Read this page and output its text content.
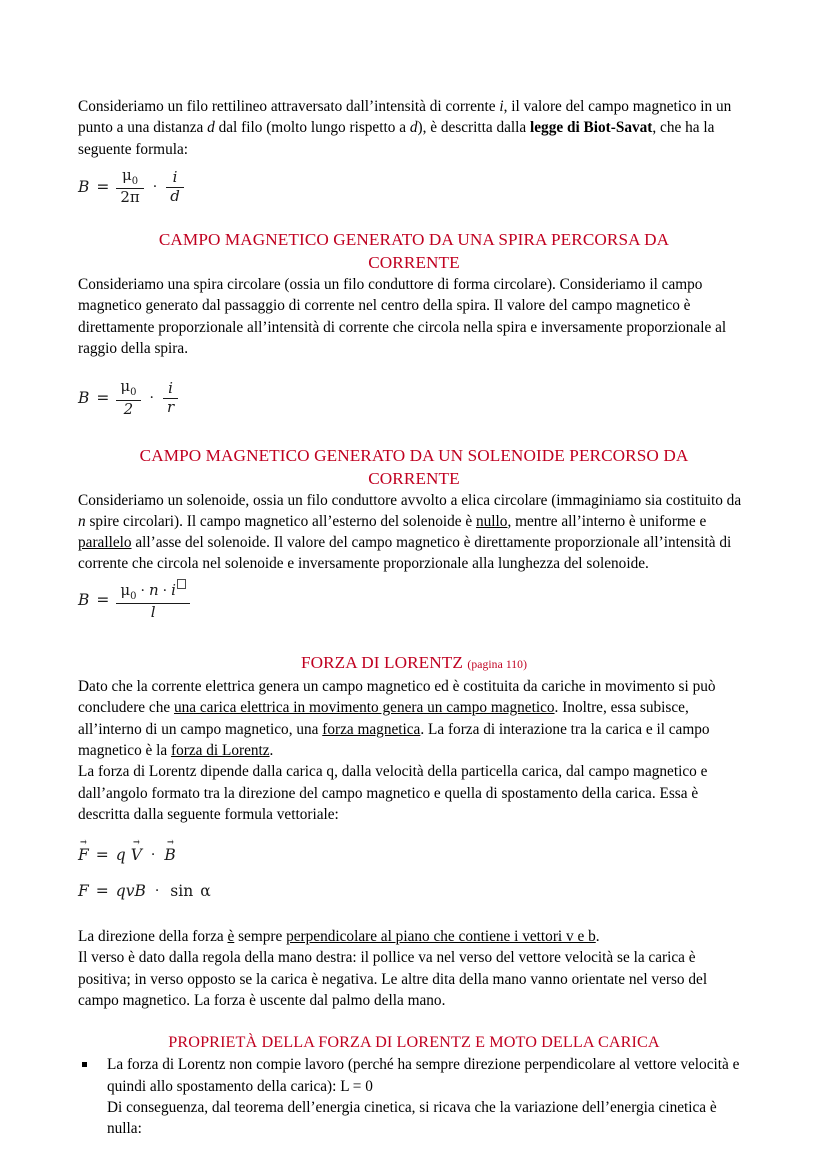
Consideriamo un filo rettilineo attraversato dall’intensità di corrente i, il valore del campo magnetico in un punto a una distanza d dal filo (molto lungo rispetto a d), è descritta dalla legge di Biot-Savat, che ha la seguente formula:

$B = \frac{\mu_0}{2\pi} \cdot \frac{i}{d}$
CAMPO MAGNETICO GENERATO DA UNA SPIRA PERCORSA DA
CORRENTE

Consideriamo una spira circolare (ossia un filo conduttore di forma circolare). Consideriamo il campo magnetico generato dal passaggio di corrente nel centro della spira. Il valore del campo magnetico è direttamente proporzionale all’intensità di corrente che circola nella spira e inversamente proporzionale al raggio della spira.

$B = \frac{\mu_0}{2} \cdot \frac{i}{r}$
CAMPO MAGNETICO GENERATO DA UN SOLENOIDE PERCORSO DA
CORRENTE

Consideriamo un solenoide, ossia un filo conduttore avvolto a elica circolare (immaginiamo sia costituito da n spire circolari). Il campo magnetico all’esterno del solenoide è nullo, mentre all’interno è uniforme e parallelo all’asse del solenoide. Il valore del campo magnetico è direttamente proporzionale all’intensità di corrente che circola nel solenoide e inversamente proporzionale alla lunghezza del solenoide.

$B = \frac{\mu_0 \cdot n \cdot i}{l}$
FORZA DI LORENTZ (pagina 110)

Dato che la corrente elettrica genera un campo magnetico ed è costituita da cariche in movimento si può concludere che una carica elettrica in movimento genera un campo magnetico. Inoltre, essa subisce, all’interno di un campo magnetico, una forza magnetica. La forza di interazione tra la carica e il campo magnetico è la forza di Lorentz.

La forza di Lorentz dipende dalla carica q, dalla velocità della particella carica, dal campo magnetico e dall’angolo formato tra la direzione del campo magnetico e quella di spostamento della carica. Essa è descritta dalla seguente formula vettoriale:

F → = q V → · B →
F = qvB · sin α

La direzione della forza è sempre perpendicolare al piano che contiene i vettori v e b.

Il verso è dato dalla regola della mano destra: il pollice va nel verso del vettore velocità se la carica è positiva; in verso opposto se la carica è negativa. Le altre dita della mano vanno orientate nel verso del campo magnetico. La forza è uscente dal palmo della mano.

PROPRIETÀ DELLA FORZA DI LORENTZ E MOTO DELLA CARICA
La forza di Lorentz non compie lavoro (perché ha sempre direzione perpendicolare al vettore velocità e quindi allo spostamento della carica): L = 0
Di conseguenza, dal teorema dell’energia cinetica, si ricava che la variazione dell’energia cinetica è nulla:
